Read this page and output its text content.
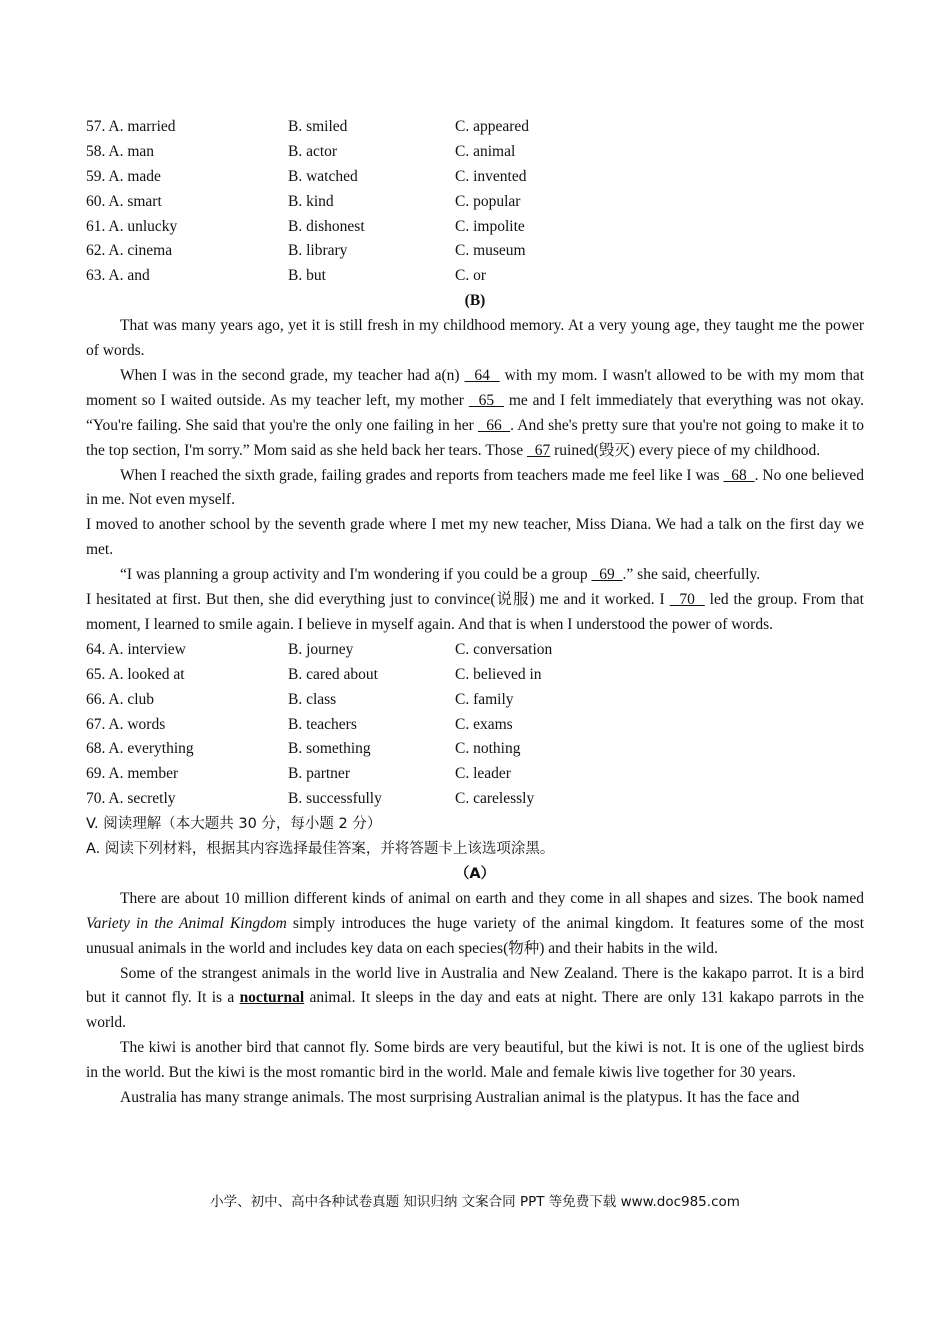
57. A. married	B. smiled	C. appeared
58. A. man	B. actor	C. animal
59. A. made	B. watched	C. invented
60. A. smart	B. kind	C. popular
61. A. unlucky	B. dishonest	C. impolite
62. A. cinema	B. library	C. museum
63. A. and	B. but	C. or
(B)

That was many years ago, yet it is still fresh in my childhood memory. At a very young age, they taught me the power of words.

When I was in the second grade, my teacher had a(n)   64   with my mom. I wasn't allowed to be with my mom that moment so I waited outside. As my teacher left, my mother   65   me and I felt immediately that everything was not okay. “You're failing. She said that you're the only one failing in her   66  . And she's pretty sure that you're not going to make it to the top section, I'm sorry.” Mom said as she held back her tears. Those   67 ruined(毁灭) every piece of my childhood.

When I reached the sixth grade, failing grades and reports from teachers made me feel like I was   68  . No one believed in me. Not even myself.

I moved to another school by the seventh grade where I met my new teacher, Miss Diana. We had a talk on the first day we met.

“I was planning a group activity and I'm wondering if you could be a group   69  .” she said, cheerfully.

I hesitated at first. But then, she did everything just to convince(说服) me and it worked. I   70   led the group. From that moment, I learned to smile again. I believe in myself again. And that is when I understood the power of words.

64. A. interview	B. journey	C. conversation
65. A. looked at	B. cared about	C. believed in
66. A. club	B. class	C. family
67. A. words	B. teachers	C. exams
68. A. everything	B. something	C. nothing
69. A. member	B. partner	C. leader
70. A. secretly	B. successfully	C. carelessly
V. 阅读理解（本大题共 30 分，每小题 2 分）
A. 阅读下列材料，根据其内容选择最佳答案，并将答题卡上该选项涂黑。
（A）

There are about 10 million different kinds of animal on earth and they come in all shapes and sizes. The book named Variety in the Animal Kingdom simply introduces the huge variety of the animal kingdom. It features some of the most unusual animals in the world and includes key data on each species(物种) and their habits in the wild.

Some of the strangest animals in the world live in Australia and New Zealand. There is the kakapo parrot. It is a bird but it cannot fly. It is a nocturnal animal. It sleeps in the day and eats at night. There are only 131 kakapo parrots in the world.

The kiwi is another bird that cannot fly. Some birds are very beautiful, but the kiwi is not. It is one of the ugliest birds in the world. But the kiwi is the most romantic bird in the world. Male and female kiwis live together for 30 years.

Australia has many strange animals. The most surprising Australian animal is the platypus. It has the face and

小学、初中、高中各种试卷真题 知识归纳 文案合同 PPT 等免费下载 www.doc985.com
